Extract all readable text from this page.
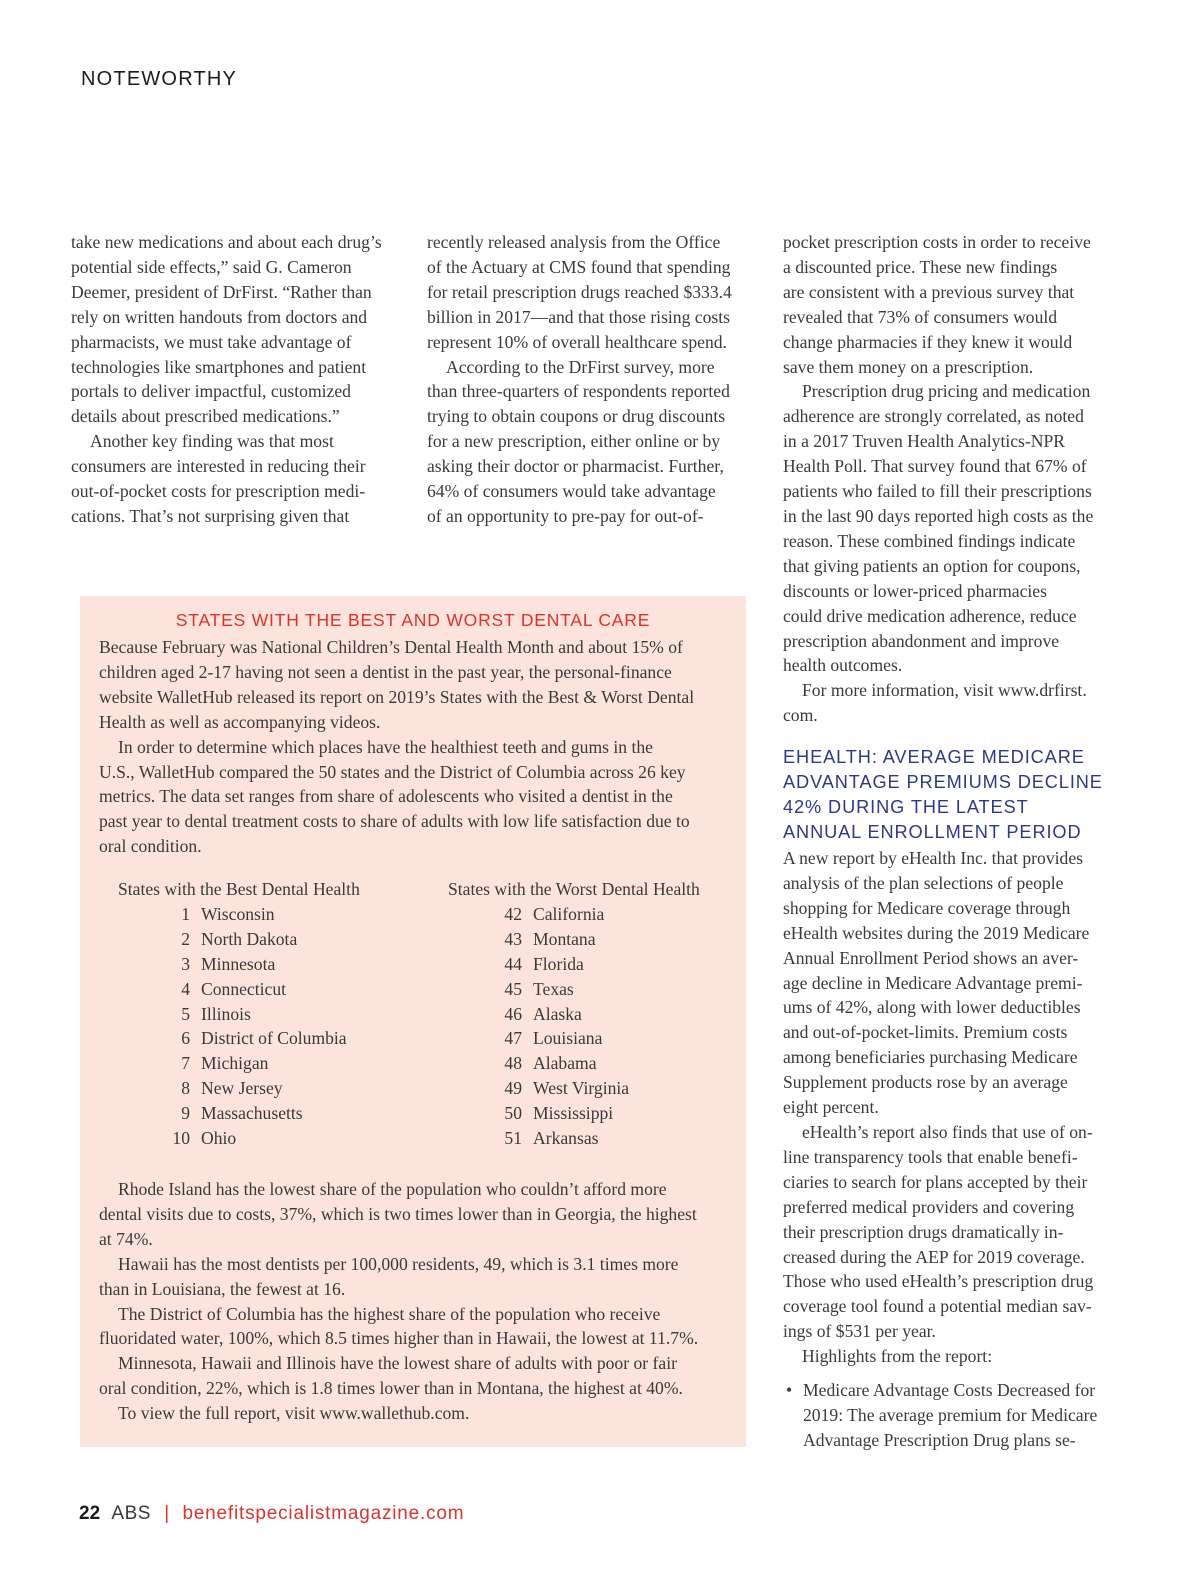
NOTEWORTHY

take new medications and about each drug’s

potential side effects,” said G. Cameron

Deemer, president of DrFirst. “Rather than

rely on written handouts from doctors and

pharmacists, we must take advantage of

technologies like smartphones and patient

portals to deliver impactful, customized

details about prescribed medications.”

Another key finding was that most

consumers are interested in reducing their

out-of-pocket costs for prescription medi-

cations. That’s not surprising given that

recently released analysis from the Office

of the Actuary at CMS found that spending

for retail prescription drugs reached $333.4

billion in 2017—and that those rising costs

represent 10% of overall healthcare spend.

According to the DrFirst survey, more

than three-quarters of respondents reported

trying to obtain coupons or drug discounts

for a new prescription, either online or by

asking their doctor or pharmacist. Further,

64% of consumers would take advantage

of an opportunity to pre-pay for out-of-

pocket prescription costs in order to receive

a discounted price. These new findings

are consistent with a previous survey that

revealed that 73% of consumers would

change pharmacies if they knew it would

save them money on a prescription.

Prescription drug pricing and medication

adherence are strongly correlated, as noted

in a 2017 Truven Health Analytics-NPR

Health Poll. That survey found that 67% of

patients who failed to fill their prescriptions

in the last 90 days reported high costs as the

reason. These combined findings indicate

that giving patients an option for coupons,

discounts or lower-priced pharmacies

could drive medication adherence, reduce

prescription abandonment and improve

health outcomes.

For more information, visit www.drfirst.

com.

STATES WITH THE BEST AND WORST DENTAL CARE

Because February was National Children’s Dental Health Month and about 15% of

children aged 2-17 having not seen a dentist in the past year, the personal-finance

website WalletHub released its report on 2019’s States with the Best & Worst Dental

Health as well as accompanying videos.

In order to determine which places have the healthiest teeth and gums in the

U.S., WalletHub compared the 50 states and the District of Columbia across 26 key

metrics. The data set ranges from share of adolescents who visited a dentist in the

past year to dental treatment costs to share of adults with low life satisfaction due to

oral condition.

States with the Best Dental Health	States with the Worst Dental Health
1 Wisconsin
2 North Dakota
3 Minnesota
4 Connecticut
5 Illinois
6 District of Columbia
7 Michigan
8 New Jersey
9 Massachusetts
10 Ohio
42 California
43 Montana
44 Florida
45 Texas
46 Alaska
47 Louisiana
48 Alabama
49 West Virginia
50 Mississippi
51 Arkansas

Rhode Island has the lowest share of the population who couldn’t afford more

dental visits due to costs, 37%, which is two times lower than in Georgia, the highest

at 74%.

Hawaii has the most dentists per 100,000 residents, 49, which is 3.1 times more

than in Louisiana, the fewest at 16.

The District of Columbia has the highest share of the population who receive

fluoridated water, 100%, which 8.5 times higher than in Hawaii, the lowest at 11.7%.

Minnesota, Hawaii and Illinois have the lowest share of adults with poor or fair

oral condition, 22%, which is 1.8 times lower than in Montana, the highest at 40%.

To view the full report, visit www.wallethub.com.

EHEALTH: AVERAGE MEDICARE
ADVANTAGE PREMIUMS DECLINE
42% DURING THE LATEST
ANNUAL ENROLLMENT PERIOD

A new report by eHealth Inc. that provides

analysis of the plan selections of people

shopping for Medicare coverage through

eHealth websites during the 2019 Medicare

Annual Enrollment Period shows an aver-

age decline in Medicare Advantage premi-

ums of 42%, along with lower deductibles

and out-of-pocket-limits. Premium costs

among beneficiaries purchasing Medicare

Supplement products rose by an average

eight percent.

eHealth’s report also finds that use of on-

line transparency tools that enable benefi-

ciaries to search for plans accepted by their

preferred medical providers and covering

their prescription drugs dramatically in-

creased during the AEP for 2019 coverage.

Those who used eHealth’s prescription drug

coverage tool found a potential median sav-

ings of $531 per year.

Highlights from the report:

• Medicare Advantage Costs Decreased for
2019: The average premium for Medicare
Advantage Prescription Drug plans se-
22 ABS | benefitspecialistmagazine.com
